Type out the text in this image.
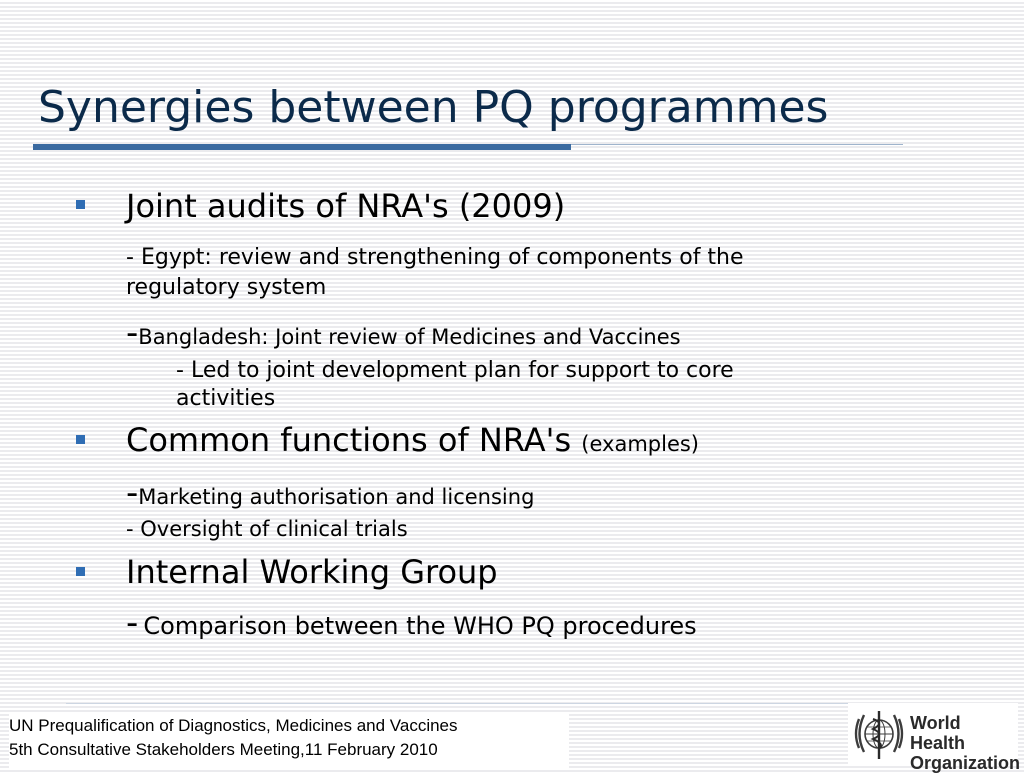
Synergies between PQ programmes
Joint audits of NRA's (2009)
- Egypt: review and strengthening of components of the
regulatory system
-Bangladesh: Joint review of Medicines and Vaccines
- Led to joint development plan for support to core
activities
Common functions of NRA's (examples)
-Marketing authorisation and licensing
- Oversight of clinical trials
Internal Working Group
- Comparison between the WHO PQ procedures
UN Prequalification of Diagnostics, Medicines and Vaccines
5th Consultative Stakeholders Meeting,11 February 2010
World Health
Organization
